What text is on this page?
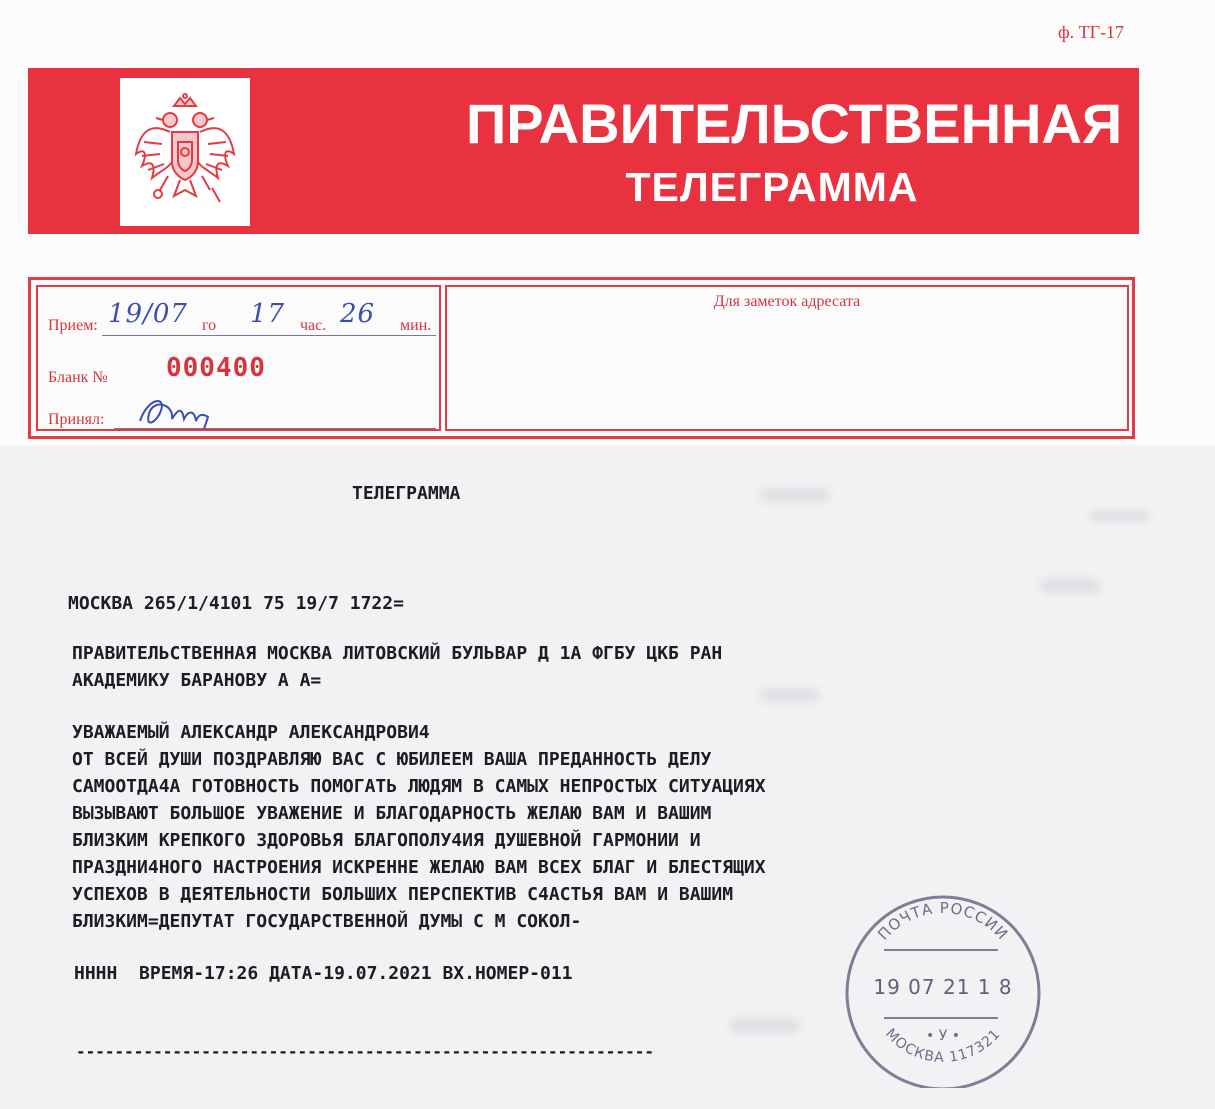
ф. ТГ-17
ПРАВИТЕЛЬСТВЕННАЯ
ТЕЛЕГРАММА
Прием: 19/07 го 17 час. 26 мин.
Бланк № 000400
Принял:
Для заметок адресата
ТЕЛЕГРАММА
МОСКВА 265/1/4101 75 19/7 1722=
ПРАВИТЕЛЬСТВЕННАЯ МОСКВА ЛИТОВСКИЙ БУЛЬВАР Д 1А ФГБУ ЦКБ РАН
АКАДЕМИКУ БАРАНОВУ А А=
УВАЖАЕМЫЙ АЛЕКСАНДР АЛЕКСАНДРОВИ4
ОТ ВСЕЙ ДУШИ ПОЗДРАВЛЯЮ ВАС С ЮБИЛЕЕМ ВАША ПРЕДАННОСТЬ ДЕЛУ
САМООТДА4А ГОТОВНОСТЬ ПОМОГАТЬ ЛЮДЯМ В САМЫХ НЕПРОСТЫХ СИТУАЦИЯХ
ВЫЗЫВАЮТ БОЛЬШОЕ УВАЖЕНИЕ И БЛАГОДАРНОСТЬ ЖЕЛАЮ ВАМ И ВАШИМ
БЛИЗКИМ КРЕПКОГО ЗДОРОВЬЯ БЛАГОПОЛУ4ИЯ ДУШЕВНОЙ ГАРМОНИИ И
ПРАЗДНИ4НОГО НАСТРОЕНИЯ ИСКРЕННЕ ЖЕЛАЮ ВАМ ВСЕХ БЛАГ И БЛЕСТЯЩИХ
УСПЕХОВ В ДЕЯТЕЛЬНОСТИ БОЛЬШИХ ПЕРСПЕКТИВ С4АСТЬЯ ВАМ И ВАШИМ
БЛИЗКИМ=ДЕПУТАТ ГОСУДАРСТВЕННОЙ ДУМЫ С М СОКОЛ-
НННН  ВРЕМЯ-17:26 ДАТА-19.07.2021 ВХ.НОМЕР-011
------------------------------------------------------------
ПОЧТА РОССИИ
19 07 21 1 8
• У •
МОСКВА 117321
